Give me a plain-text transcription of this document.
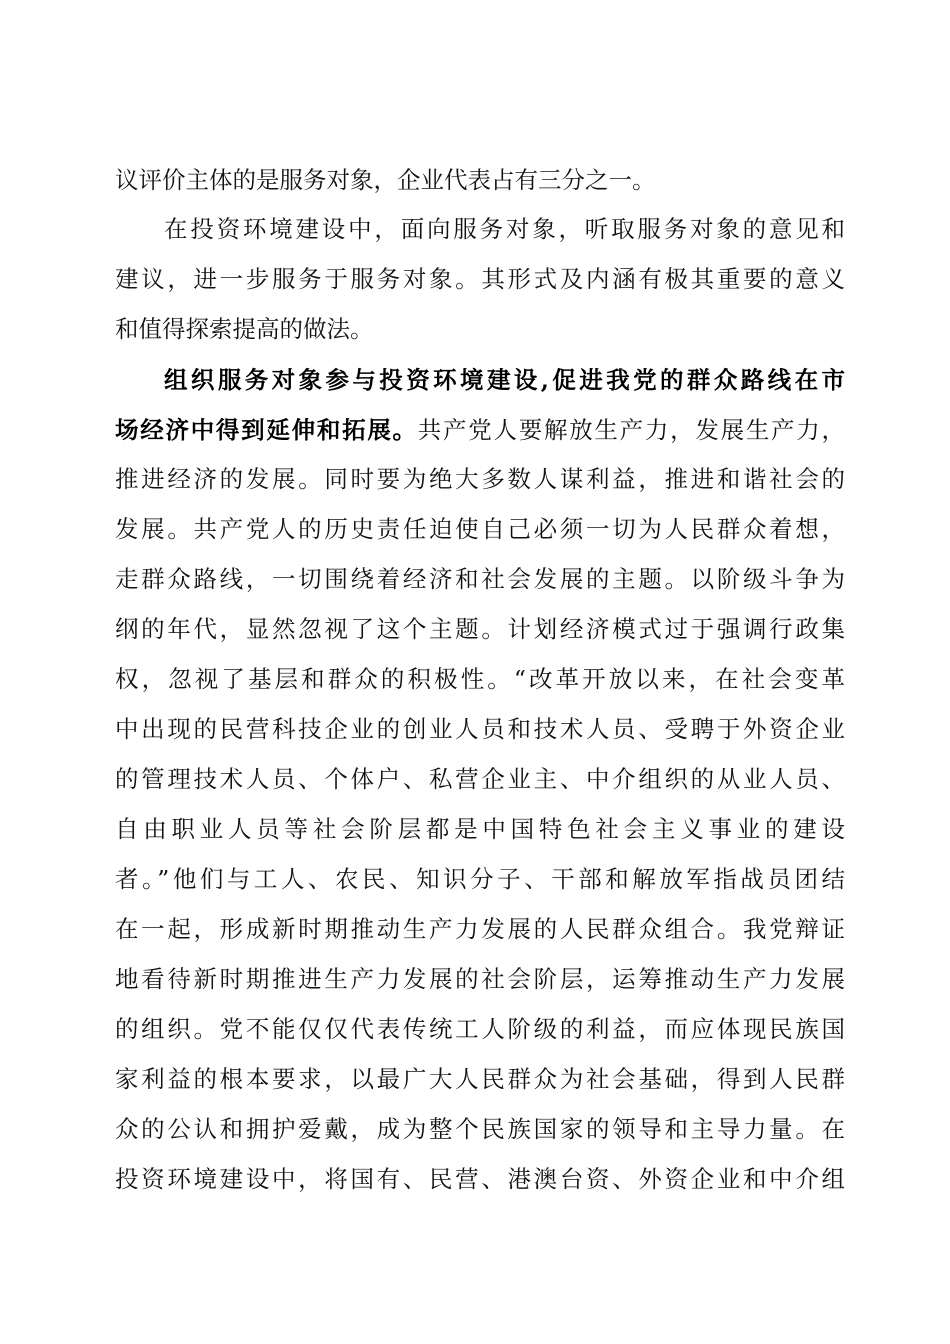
议评价主体的是服务对象，企业代表占有三分之一。
在投资环境建设中，面向服务对象，听取服务对象的意见和
建议，进一步服务于服务对象。其形式及内涵有极其重要的意义
和值得探索提高的做法。
组织服务对象参与投资环境建设,促进我党的群众路线在市
场经济中得到延伸和拓展。共产党人要解放生产力，发展生产力，
推进经济的发展。同时要为绝大多数人谋利益，推进和谐社会的
发展。共产党人的历史责任迫使自己必须一切为人民群众着想，
走群众路线，一切围绕着经济和社会发展的主题。以阶级斗争为
纲的年代，显然忽视了这个主题。计划经济模式过于强调行政集
权，忽视了基层和群众的积极性。“改革开放以来，在社会变革
中出现的民营科技企业的创业人员和技术人员、受聘于外资企业
的管理技术人员、个体户、私营企业主、中介组织的从业人员、
自由职业人员等社会阶层都是中国特色社会主义事业的建设
者。”他们与工人、农民、知识分子、干部和解放军指战员团结
在一起，形成新时期推动生产力发展的人民群众组合。我党辩证
地看待新时期推进生产力发展的社会阶层，运筹推动生产力发展
的组织。党不能仅仅代表传统工人阶级的利益，而应体现民族国
家利益的根本要求，以最广大人民群众为社会基础，得到人民群
众的公认和拥护爱戴，成为整个民族国家的领导和主导力量。在
投资环境建设中，将国有、民营、港澳台资、外资企业和中介组
